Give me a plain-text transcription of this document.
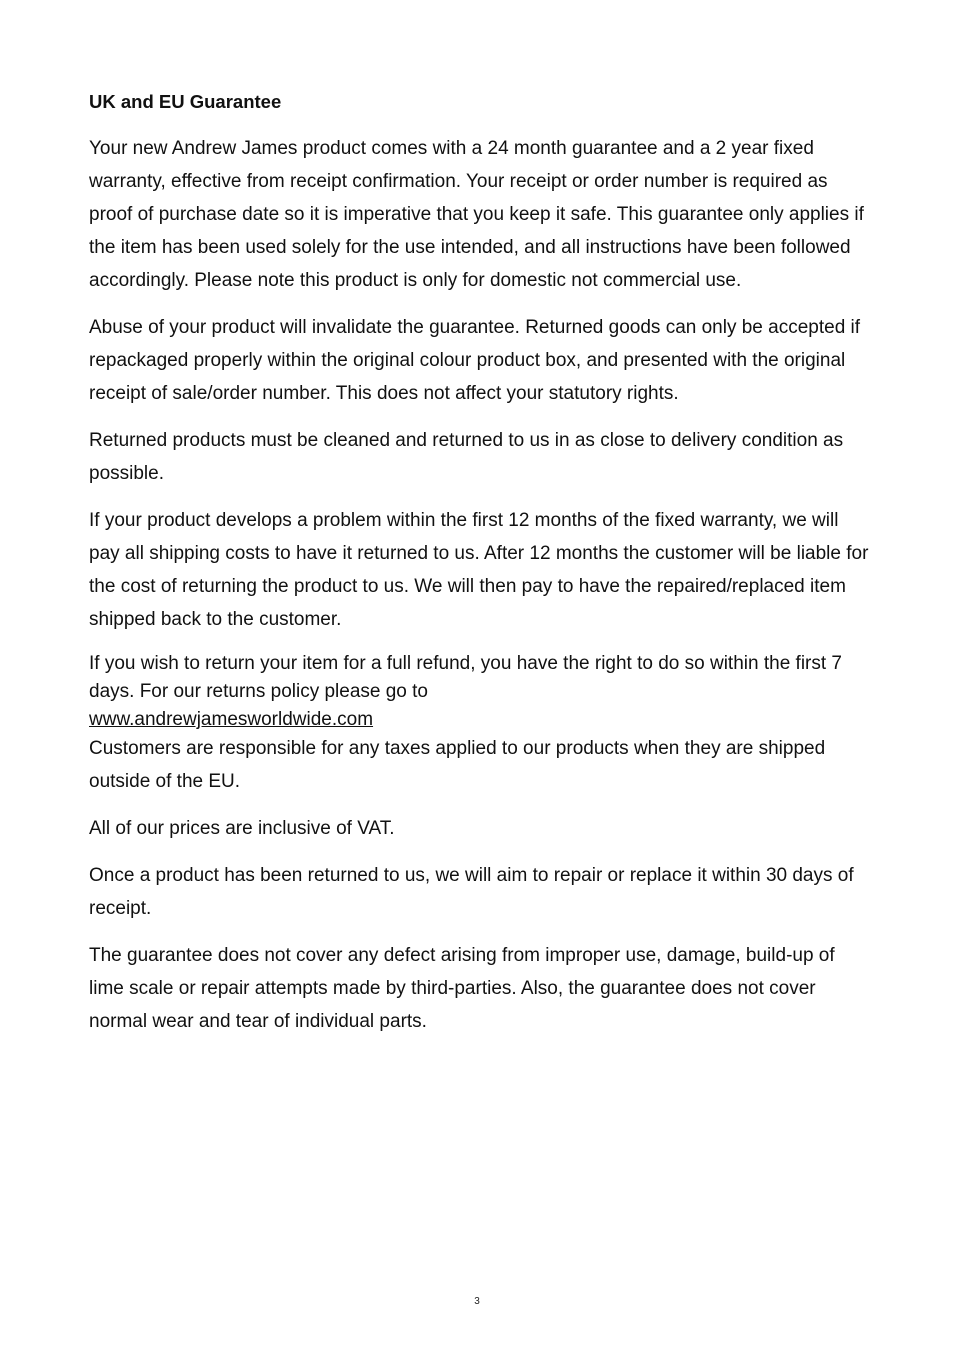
UK and EU Guarantee

Your new Andrew James product comes with a 24 month guarantee and a 2 year fixed warranty, effective from receipt confirmation. Your receipt or order number is required as proof of purchase date so it is imperative that you keep it safe. This guarantee only applies if the item has been used solely for the use intended, and all instructions have been followed accordingly. Please note this product is only for domestic not commercial use.

Abuse of your product will invalidate the guarantee. Returned goods can only be accepted if repackaged properly within the original colour product box, and presented with the original receipt of sale/order number. This does not affect your statutory rights.

Returned products must be cleaned and returned to us in as close to delivery condition as possible.

If your product develops a problem within the first 12 months of the fixed warranty, we will pay all shipping costs to have it returned to us. After 12 months the customer will be liable for the cost of returning the product to us. We will then pay to have the repaired/replaced item shipped back to the customer.

If you wish to return your item for a full refund, you have the right to do so within the first 7 days. For our returns policy please go to
www.andrewjamesworldwide.com

Customers are responsible for any taxes applied to our products when they are shipped outside of the EU.

All of our prices are inclusive of VAT.

Once a product has been returned to us, we will aim to repair or replace it within 30 days of receipt.

The guarantee does not cover any defect arising from improper use, damage, build-up of lime scale or repair attempts made by third-parties. Also, the guarantee does not cover normal wear and tear of individual parts.

3
